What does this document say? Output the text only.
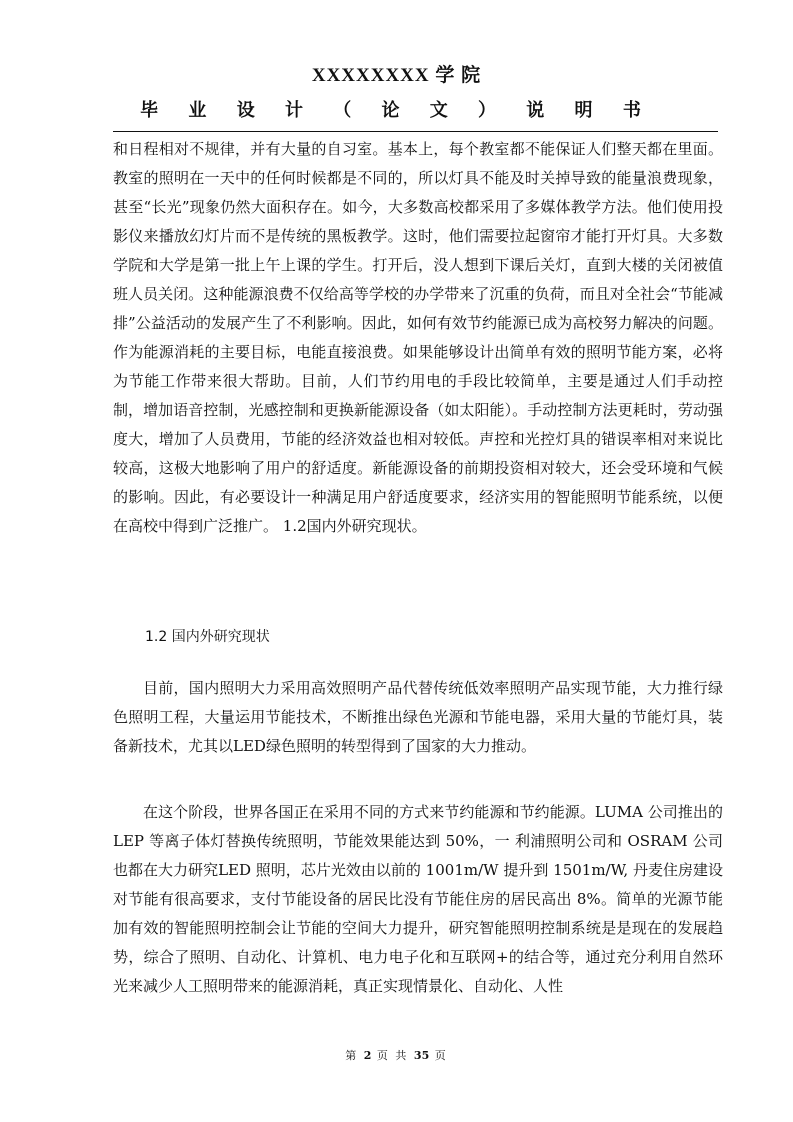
XXXXXXXX 学 院
毕 业 设 计 （ 论 文 ） 说 明 书

和日程相对不规律，并有大量的自习室。基本上，每个教室都不能保证人们整天都在里面。教室的照明在一天中的任何时候都是不同的，所以灯具不能及时关掉导致的能量浪费现象，甚至“长光”现象仍然大面积存在。如今，大多数高校都采用了多媒体教学方法。他们使用投影仪来播放幻灯片而不是传统的黑板教学。这时，他们需要拉起窗帘才能打开灯具。大多数学院和大学是第一批上午上课的学生。打开后，没人想到下课后关灯，直到大楼的关闭被值班人员关闭。这种能源浪费不仅给高等学校的办学带来了沉重的负荷，而且对全社会“节能减排”公益活动的发展产生了不利影响。因此，如何有效节约能源已成为高校努力解决的问题。作为能源消耗的主要目标，电能直接浪费。如果能够设计出简单有效的照明节能方案，必将为节能工作带来很大帮助。目前，人们节约用电的手段比较简单，主要是通过人们手动控制，增加语音控制，光感控制和更换新能源设备（如太阳能）。手动控制方法更耗时，劳动强度大，增加了人员费用，节能的经济效益也相对较低。声控和光控灯具的错误率相对来说比较高，这极大地影响了用户的舒适度。新能源设备的前期投资相对较大，还会受环境和气候的影响。因此，有必要设计一种满足用户舒适度要求，经济实用的智能照明节能系统，以便在高校中得到广泛推广。 1.2国内外研究现状。

1.2 国内外研究现状

目前，国内照明大力采用高效照明产品代替传统低效率照明产品实现节能，大力推行绿色照明工程，大量运用节能技术，不断推出绿色光源和节能电器，采用大量的节能灯具，装备新技术，尤其以LED绿色照明的转型得到了国家的大力推动。

在这个阶段，世界各国正在采用不同的方式来节约能源和节约能源。LUMA 公司推出的 LEP 等离子体灯替换传统照明，节能效果能达到 50%，一 利浦照明公司和 OSRAM 公司也都在大力研究LED 照明，芯片光效由以前的 1001m/W 提升到 1501m/W, 丹麦住房建设对节能有很高要求，支付节能设备的居民比没有节能住房的居民高出 8%。简单的光源节能加有效的智能照明控制会让节能的空间大力提升，研究智能照明控制系统是是现在的发展趋势，综合了照明、自动化、计算机、电力电子化和互联网+的结合等，通过充分利用自然环光来减少人工照明带来的能源消耗，真正实现情景化、自动化、人性

第 2 页 共 35 页
